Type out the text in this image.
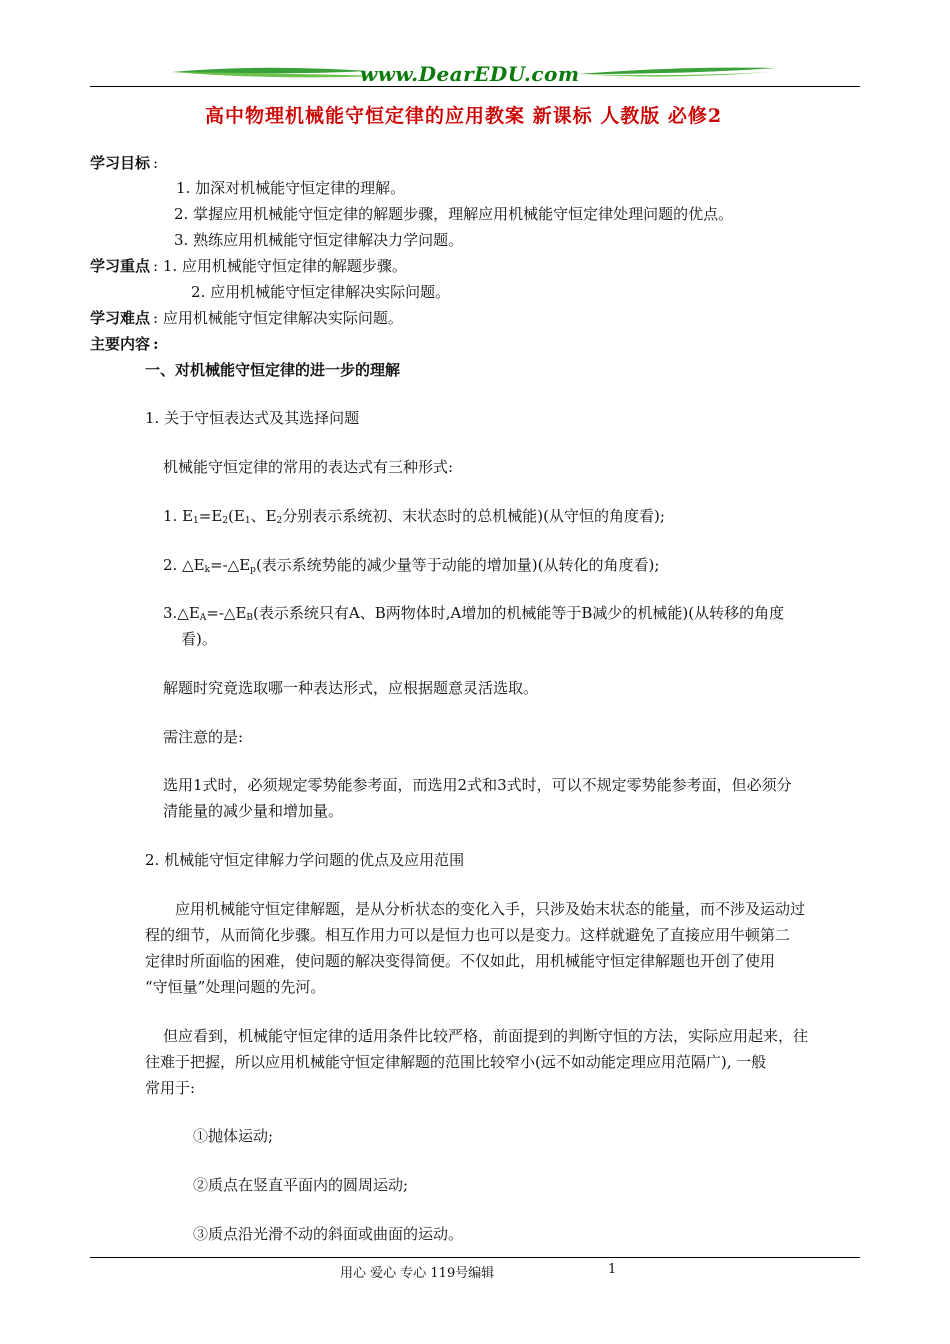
www.DearEDU.com
高中物理机械能守恒定律的应用教案 新课标 人教版 必修2
学习目标 :
1. 加深对机械能守恒定律的理解。
2. 掌握应用机械能守恒定律的解题步骤，理解应用机械能守恒定律处理问题的优点。
3. 熟练应用机械能守恒定律解决力学问题。
学习重点 : 1. 应用机械能守恒定律的解题步骤。
2. 应用机械能守恒定律解决实际问题。
学习难点 : 应用机械能守恒定律解决实际问题。
主要内容 :
一、对机械能守恒定律的进一步的理解
1. 关于守恒表达式及其选择问题
机械能守恒定律的常用的表达式有三种形式:
1. $E_1=E_2(E_1$、$E_2$分别表示系统初、末状态时的总机械能)(从守恒的角度看);
2. $\triangle E_k=-\triangle E_p$(表示系统势能的减少量等于动能的增加量)(从转化的角度看);
$3.\triangle E_A=-\triangle E_B$(表示系统只有A、B两物体时,A增加的机械能等于B减少的机械能)(从转移的角度
看)。
解题时究竟选取哪一种表达形式，应根据题意灵活选取。
需注意的是:
选用1式时，必须规定零势能参考面，而选用2式和3式时，可以不规定零势能参考面，但必须分
清能量的减少量和增加量。
2. 机械能守恒定律解力学问题的优点及应用范围
应用机械能守恒定律解题，是从分析状态的变化入手，只涉及始末状态的能量，而不涉及运动过
程的细节，从而简化步骤。相互作用力可以是恒力也可以是变力。这样就避免了直接应用牛顿第二
定律时所面临的困难，使问题的解决变得简便。不仅如此，用机械能守恒定律解题也开创了使用
“守恒量”处理问题的先河。
但应看到，机械能守恒定律的适用条件比较严格，前面提到的判断守恒的方法，实际应用起来，往
往难于把握，所以应用机械能守恒定律解题的范围比较窄小(远不如动能定理应用范隔广), 一般
常用于:
①抛体运动;
②质点在竖直平面内的圆周运动;
③质点沿光滑不动的斜面或曲面的运动。
用心 爱心 专心 119号编辑	1
